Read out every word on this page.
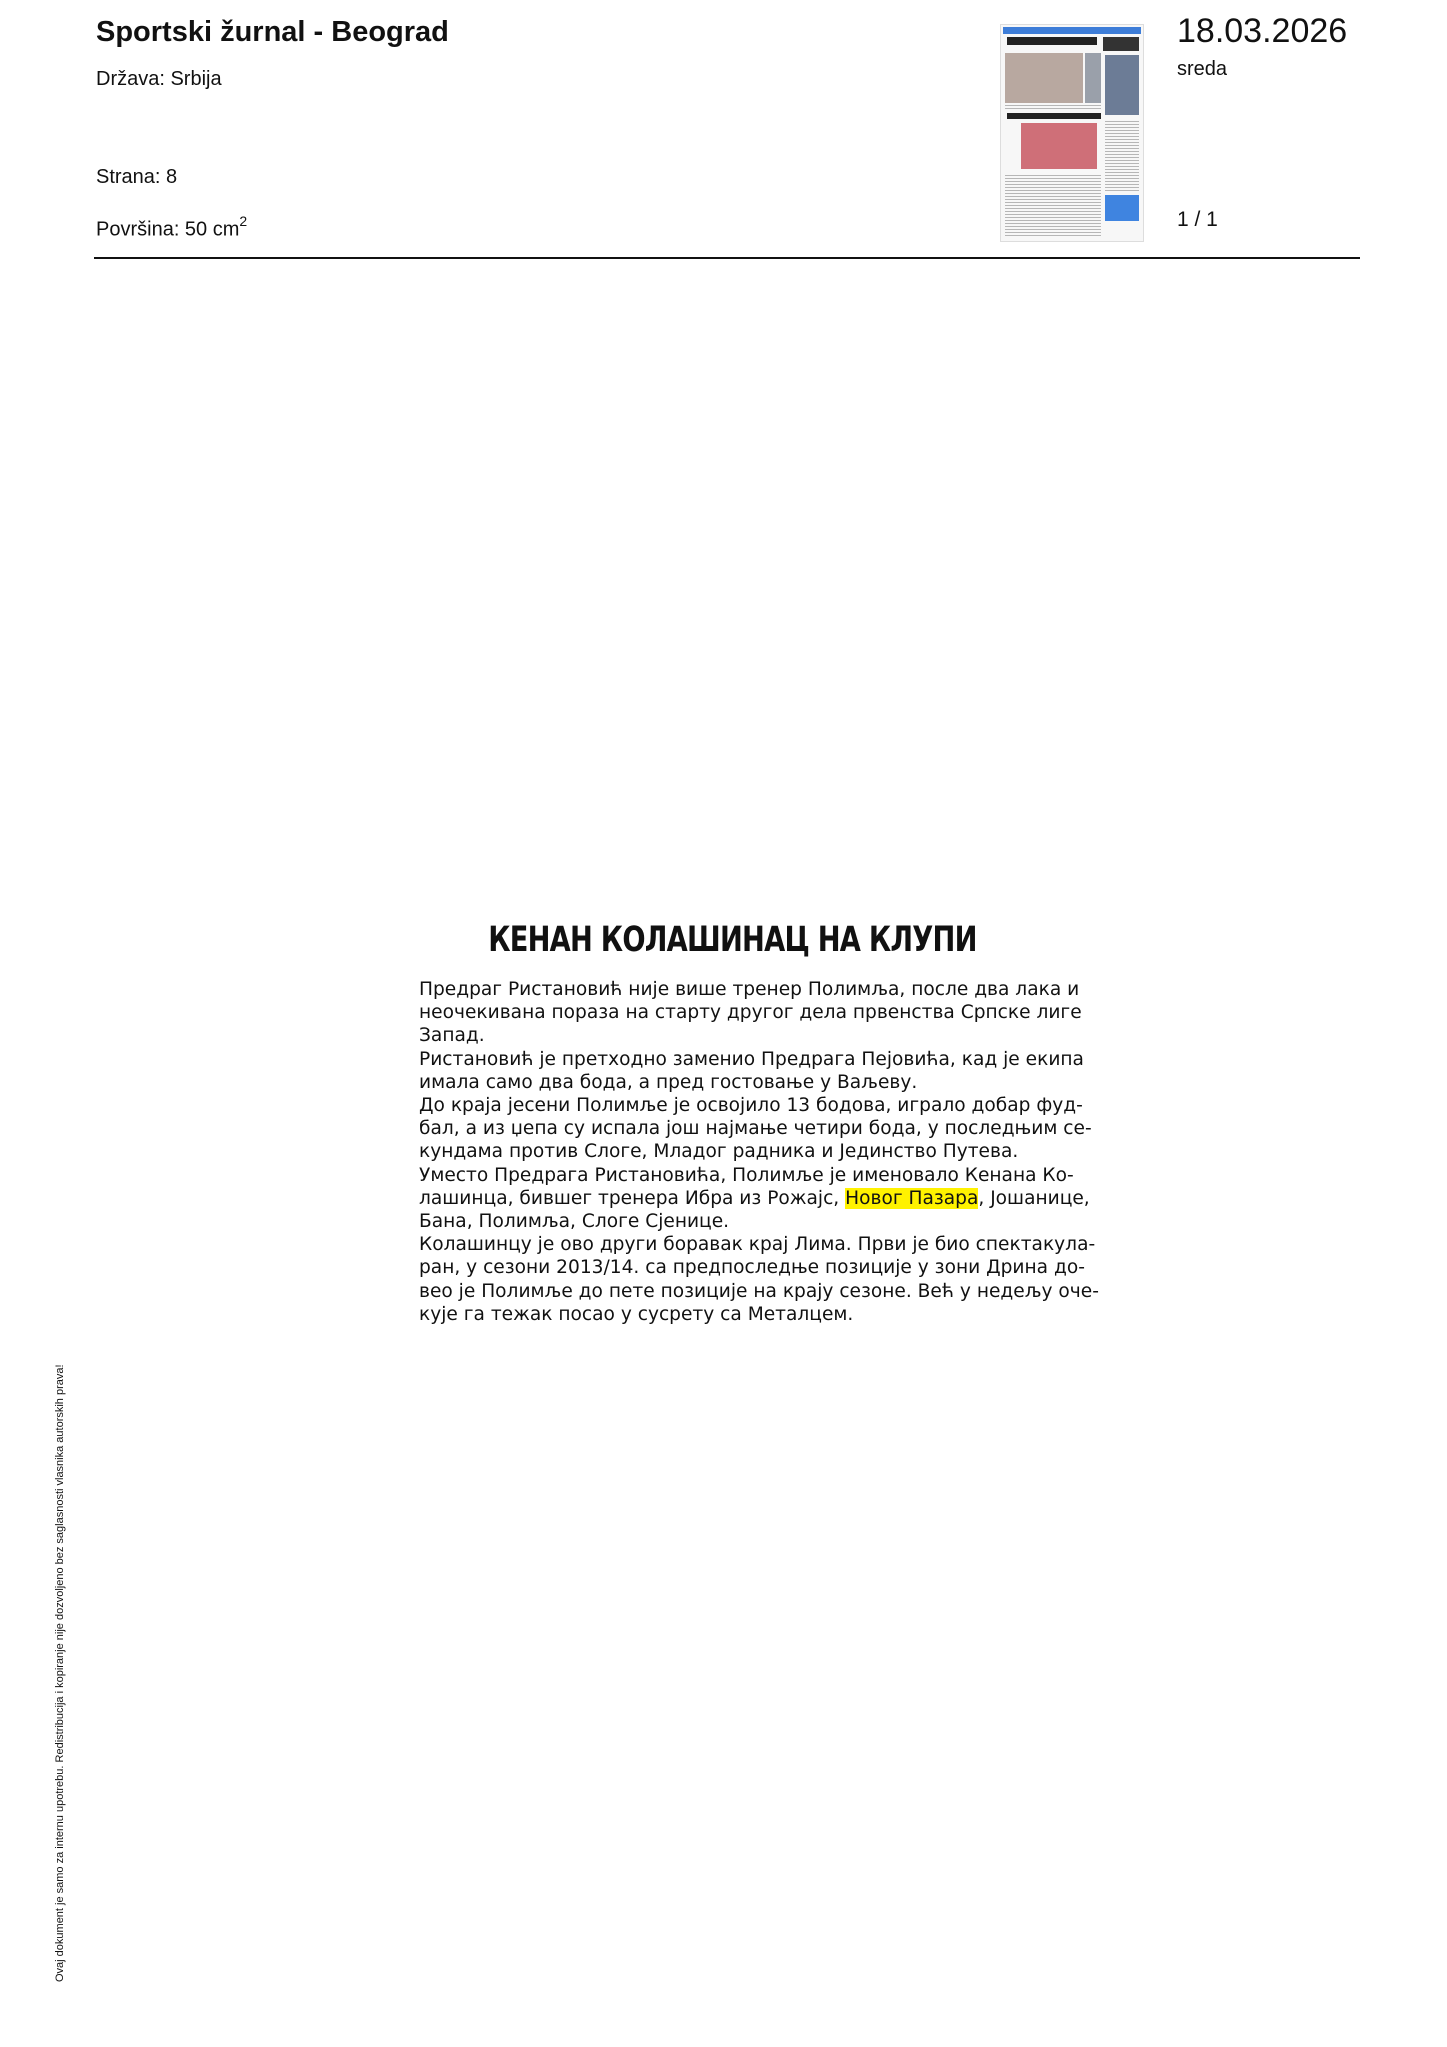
Sportski žurnal - Beograd
Država: Srbija
Strana: 8
Površina: 50 $cm^2$
18.03.2026
sreda
1 / 1
КЕНАН КОЛАШИНАЦ НА КЛУПИ
Предраг Ристановић није више тренер Полимља, после два лака и
неочекивана пораза на старту другог дела првенства Српске лиге
Запад.
Ристановић је претходно заменио Предрага Пејовића, кад је екипа
имала само два бода, а пред гостовање у Ваљеву.
До краја јесени Полимље је освојило 13 бодова, играло добар фуд-
бал, а из џепа су испала још најмање четири бода, у последњим се-
кундама против Слоге, Младог радника и Јединство Путева.
Уместо Предрага Ристановића, Полимље је именовало Кенана Ко-
лашинца, бившег тренера Ибра из Рожајс, Новог Пазара, Јошанице,
Бана, Полимља, Слоге Сјенице.
Колашинцу је ово други боравак крај Лима. Први је био спектакула-
ран, у сезони 2013/14. са предпоследње позиције у зони Дрина до-
вео је Полимље до пете позиције на крају сезоне. Већ у недељу оче-
кује га тежак посао у сусрету са Металцем.
Ovaj dokument je samo za internu upotrebu. Redistribucija i kopiranje nije dozvoljeno bez saglasnosti vlasnika autorskih prava!
